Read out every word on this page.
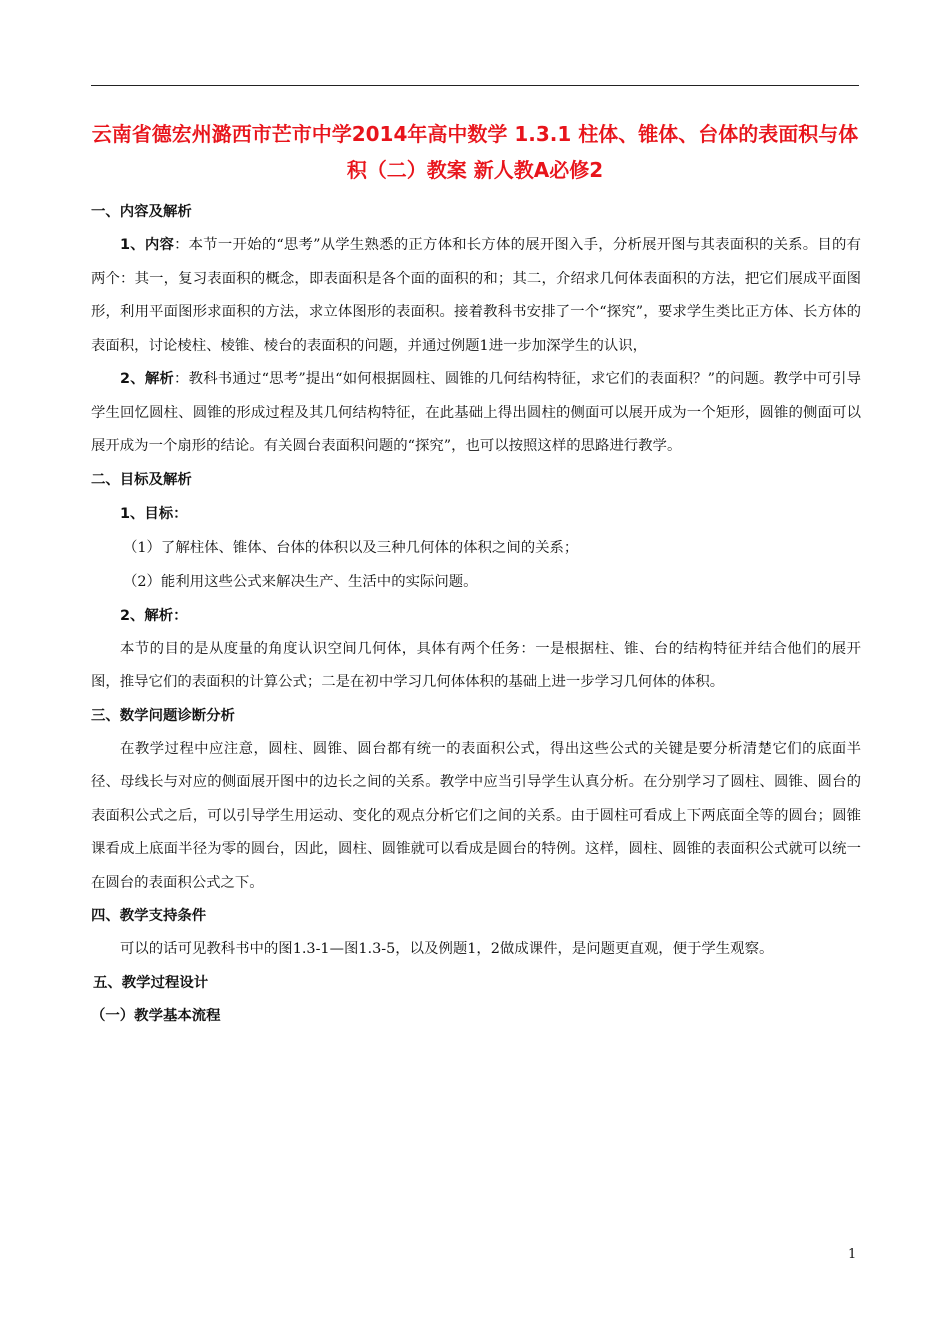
云南省德宏州潞西市芒市中学2014年高中数学 1.3.1 柱体、锥体、台体的表面积与体积（二）教案 新人教A必修2
一、内容及解析

1、内容：本节一开始的“思考”从学生熟悉的正方体和长方体的展开图入手，分析展开图与其表面积的关系。目的有两个：其一，复习表面积的概念，即表面积是各个面的面积的和；其二，介绍求几何体表面积的方法，把它们展成平面图形，利用平面图形求面积的方法，求立体图形的表面积。接着教科书安排了一个“探究”，要求学生类比正方体、长方体的表面积，讨论棱柱、棱锥、棱台的表面积的问题，并通过例题1进一步加深学生的认识，

2、解析：教科书通过“思考”提出“如何根据圆柱、圆锥的几何结构特征，求它们的表面积？”的问题。教学中可引导学生回忆圆柱、圆锥的形成过程及其几何结构特征，在此基础上得出圆柱的侧面可以展开成为一个矩形，圆锥的侧面可以展开成为一个扇形的结论。有关圆台表面积问题的“探究”，也可以按照这样的思路进行教学。

二、目标及解析
1、目标：
（1）了解柱体、锥体、台体的体积以及三种几何体的体积之间的关系；
（2）能利用这些公式来解决生产、生活中的实际问题。
2、解析：

本节的目的是从度量的角度认识空间几何体，具体有两个任务：一是根据柱、锥、台的结构特征并结合他们的展开图，推导它们的表面积的计算公式；二是在初中学习几何体体积的基础上进一步学习几何体的体积。

三、数学问题诊断分析

在教学过程中应注意，圆柱、圆锥、圆台都有统一的表面积公式，得出这些公式的关键是要分析清楚它们的底面半径、母线长与对应的侧面展开图中的边长之间的关系。教学中应当引导学生认真分析。在分别学习了圆柱、圆锥、圆台的表面积公式之后，可以引导学生用运动、变化的观点分析它们之间的关系。由于圆柱可看成上下两底面全等的圆台；圆锥课看成上底面半径为零的圆台，因此，圆柱、圆锥就可以看成是圆台的特例。这样，圆柱、圆锥的表面积公式就可以统一在圆台的表面积公式之下。

四、教学支持条件

可以的话可见教科书中的图1.3-1—图1.3-5，以及例题1，2做成课件，是问题更直观，便于学生观察。

五、教学过程设计
（一）教学基本流程
1
